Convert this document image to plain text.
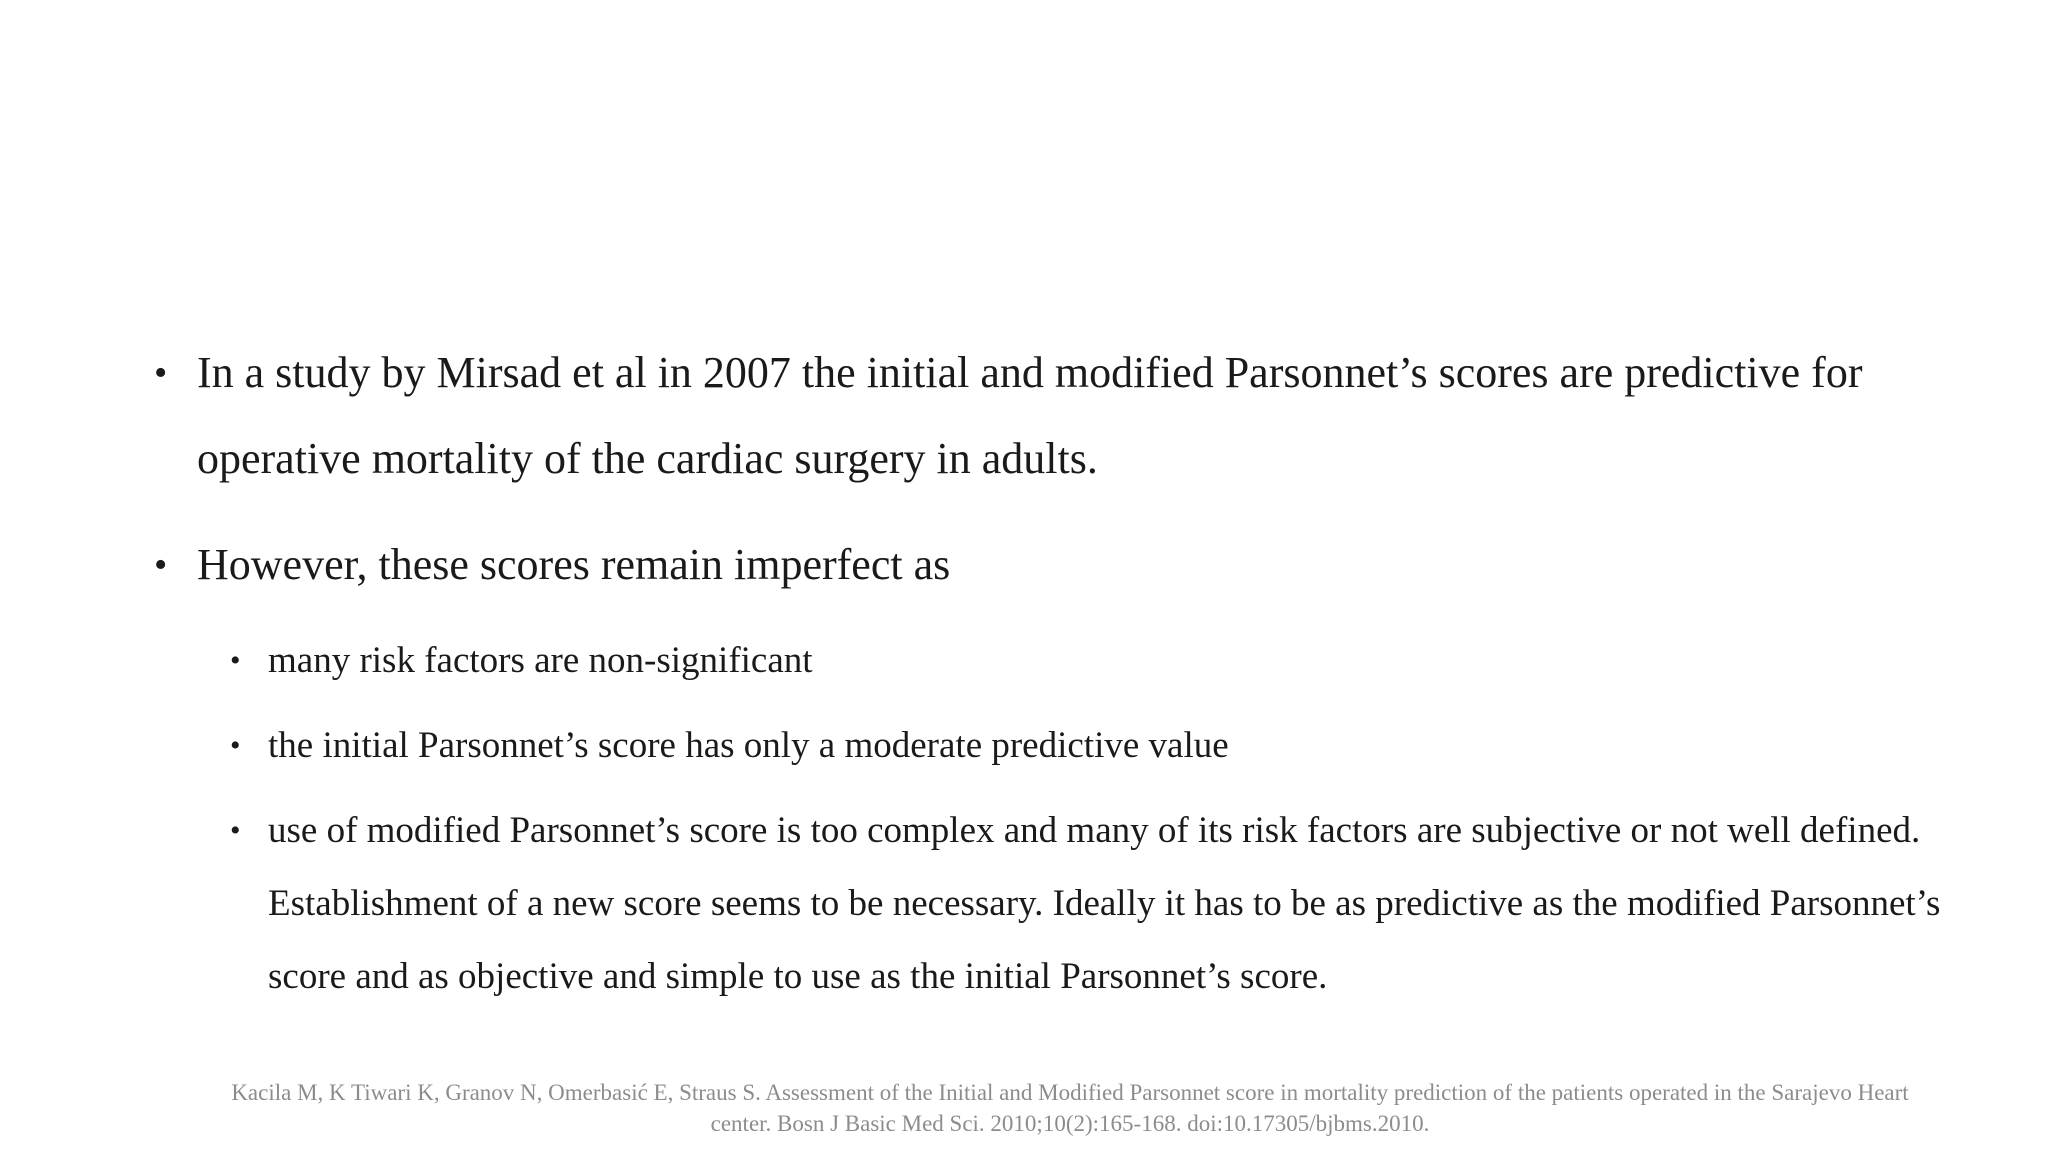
• In a study by Mirsad et al in 2007 the initial and modified Parsonnet’s scores are predictive for operative mortality of the cardiac surgery in adults.
• However, these scores remain imperfect as
• many risk factors are non-significant
• the initial Parsonnet’s score has only a moderate predictive value
• use of modified Parsonnet’s score is too complex and many of its risk factors are subjective or not well defined. Establishment of a new score seems to be necessary. Ideally it has to be as predictive as the modified Parsonnet’s score and as objective and simple to use as the initial Parsonnet’s score.
Kacila M, K Tiwari K, Granov N, Omerbasić E, Straus S. Assessment of the Initial and Modified Parsonnet score in mortality prediction of the patients operated in the Sarajevo Heart center. Bosn J Basic Med Sci. 2010;10(2):165-168. doi:10.17305/bjbms.2010.
